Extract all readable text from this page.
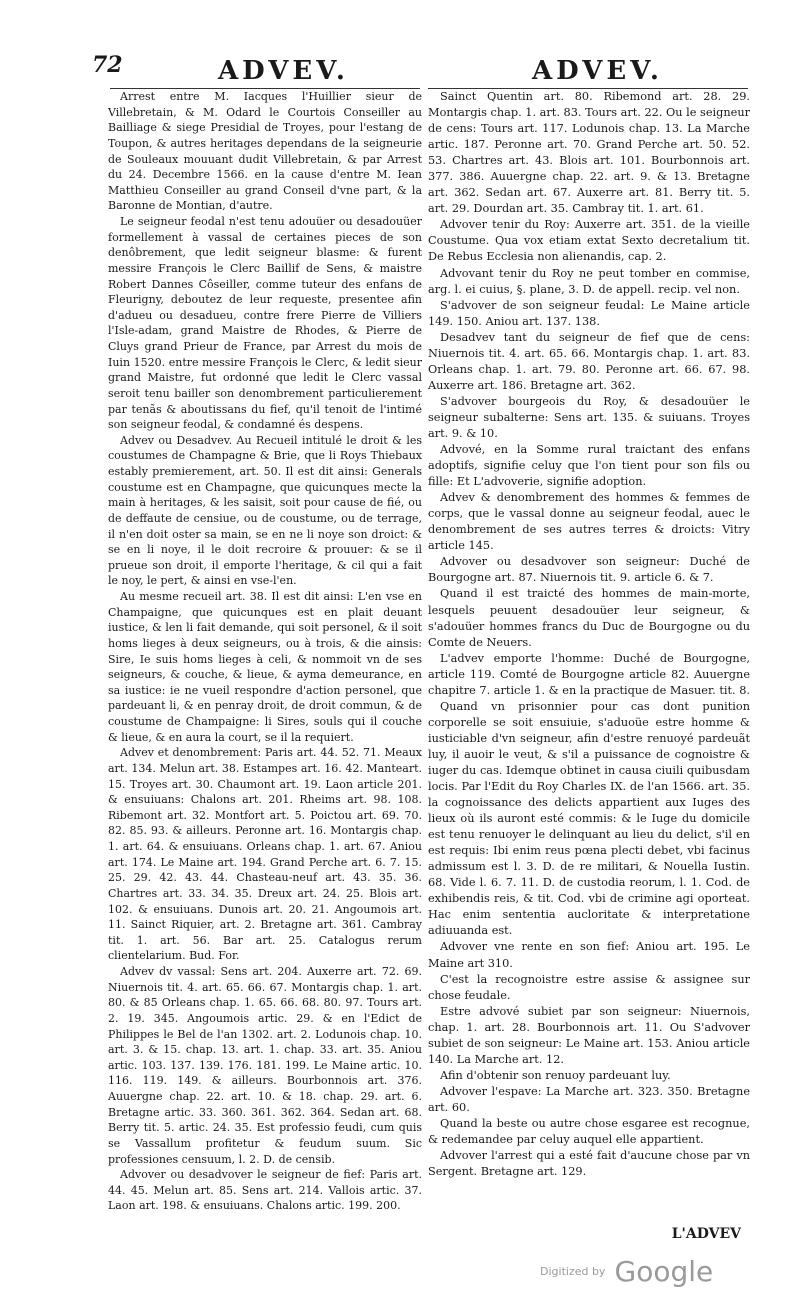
72	ADVEV.	ADVEV.

Arrest entre M. Iacques l'Huillier sieur de Villebretain, & M. Odard le Courtois Conseiller au Bailliage & siege Presidial de Troyes, pour l'estang de Toupon, & autres heritages dependans de la seigneurie de Souleaux mouuant dudit Villebretain, & par Arrest du 24. Decembre 1566. en la cause d'entre M. Iean Matthieu Conseiller au grand Conseil d'vne part, & la Baronne de Montian, d'autre.

Le seigneur feodal n'est tenu adouüer ou desadouüer formellement à vassal de certaines pieces de son denôbrement, que ledit seigneur blasme: & furent messire François le Clerc Baillif de Sens, & maistre Robert Dannes Côseiller, comme tuteur des enfans de Fleurigny, deboutez de leur requeste, presentee afin d'adueu ou desadueu, contre frere Pierre de Villiers l'Isle-adam, grand Maistre de Rhodes, & Pierre de Cluys grand Prieur de France, par Arrest du mois de Iuin 1520. entre messire François le Clerc, & ledit sieur grand Maistre, fut ordonné que ledit le Clerc vassal seroit tenu bailler son denombrement particulierement par tenãs & aboutissans du fief, qu'il tenoit de l'intimé son seigneur feodal, & condamné és despens.

Advev ou Desadvev. Au Recueil intitulé le droit & les coustumes de Champagne & Brie, que li Roys Thiebaux estably premierement, art. 50. Il est dit ainsi: Generals coustume est en Champagne, que quicunques mecte la main à heritages, & les saisit, soit pour cause de fié, ou de deffaute de censiue, ou de coustume, ou de terrage, il n'en doit oster sa main, se en ne li noye son droict: & se en li noye, il le doit recroire & prouuer: & se il prueue son droit, il emporte l'heritage, & cil qui a fait le noy, le pert, & ainsi en vse-l'en.

Au mesme recueil art. 38. Il est dit ainsi: L'en vse en Champaigne, que quicunques est en plait deuant iustice, & len li fait demande, qui soit personel, & il soit homs lieges à deux seigneurs, ou à trois, & die ainsis: Sire, Ie suis homs lieges à celi, & nommoit vn de ses seigneurs, & couche, & lieue, & ayma demeurance, en sa iustice: ie ne vueil respondre d'action personel, que pardeuant li, & en penray droit, de droit commun, & de coustume de Champaigne: li Sires, souls qui il couche & lieue, & en aura la court, se il la requiert.

Advev et denombrement: Paris art. 44. 52. 71. Meaux art. 134. Melun art. 38. Estampes art. 16. 42. Manteart. 15. Troyes art. 30. Chaumont art. 19. Laon article 201. & ensuiuans: Chalons art. 201. Rheims art. 98. 108. Ribemont art. 32. Montfort art. 5. Poictou art. 69. 70. 82. 85. 93. & ailleurs. Peronne art. 16. Montargis chap. 1. art. 64. & ensuiuans. Orleans chap. 1. art. 67. Aniou art. 174. Le Maine art. 194. Grand Perche art. 6. 7. 15. 25. 29. 42. 43. 44. Chasteau-neuf art. 43. 35. 36. Chartres art. 33. 34. 35. Dreux art. 24. 25. Blois art. 102. & ensuiuans. Dunois art. 20. 21. Angoumois art. 11. Sainct Riquier, art. 2. Bretagne art. 361. Cambray tit. 1. art. 56. Bar art. 25. Catalogus rerum clientelarium. Bud. For.

Advev dv vassal: Sens art. 204. Auxerre art. 72. 69. Niuernois tit. 4. art. 65. 66. 67. Montargis chap. 1. art. 80. & 85 Orleans chap. 1. 65. 66. 68. 80. 97. Tours art. 2. 19. 345. Angoumois artic. 29. & en l'Edict de Philippes le Bel de l'an 1302. art. 2. Lodunois chap. 10. art. 3. & 15. chap. 13. art. 1. chap. 33. art. 35. Aniou artic. 103. 137. 139. 176. 181. 199. Le Maine artic. 10. 116. 119. 149. & ailleurs. Bourbonnois art. 376. Auuergne chap. 22. art. 10. & 18. chap. 29. art. 6. Bretagne artic. 33. 360. 361. 362. 364. Sedan art. 68. Berry tit. 5. artic. 24. 35. Est professio feudi, cum quis se Vassallum profitetur & feudum suum. Sic professiones censuum, l. 2. D. de censib.

Advover ou desadvover le seigneur de fief: Paris art. 44. 45. Melun art. 85. Sens art. 214. Vallois artic. 37. Laon art. 198. & ensuiuans. Chalons artic. 199. 200.

Sainct Quentin art. 80. Ribemond art. 28. 29. Montargis chap. 1. art. 83. Tours art. 22. Ou le seigneur de cens: Tours art. 117. Lodunois chap. 13. La Marche artic. 187. Peronne art. 70. Grand Perche art. 50. 52. 53. Chartres art. 43. Blois art. 101. Bourbonnois art. 377. 386. Auuergne chap. 22. art. 9. & 13. Bretagne art. 362. Sedan art. 67. Auxerre art. 81. Berry tit. 5. art. 29. Dourdan art. 35. Cambray tit. 1. art. 61.

Advover tenir du Roy: Auxerre art. 351. de la vieille Coustume. Qua vox etiam extat Sexto decretalium tit. De Rebus Ecclesia non alienandis, cap. 2.

Advovant tenir du Roy ne peut tomber en commise, arg. l. ei cuius, §. plane, 3. D. de appell. recip. vel non.

S'advover de son seigneur feudal: Le Maine article 149. 150. Aniou art. 137. 138.

Desadvev tant du seigneur de fief que de cens: Niuernois tit. 4. art. 65. 66. Montargis chap. 1. art. 83. Orleans chap. 1. art. 79. 80. Peronne art. 66. 67. 98. Auxerre art. 186. Bretagne art. 362.

S'advover bourgeois du Roy, & desadouüer le seigneur subalterne: Sens art. 135. & suiuans. Troyes art. 9. & 10.

Advové, en la Somme rural traictant des enfans adoptifs, signifie celuy que l'on tient pour son fils ou fille: Et L'advoverie, signifie adoption.

Advev & denombrement des hommes & femmes de corps, que le vassal donne au seigneur feodal, auec le denombrement de ses autres terres & droicts: Vitry article 145.

Advover ou desadvover son seigneur: Duché de Bourgogne art. 87. Niuernois tit. 9. article 6. & 7.

Quand il est traicté des hommes de main-morte, lesquels peuuent desadouüer leur seigneur, & s'adouüer hommes francs du Duc de Bourgogne ou du Comte de Neuers.

L'advev emporte l'homme: Duché de Bourgogne, article 119. Comté de Bourgogne article 82. Auuergne chapitre 7. article 1. & en la practique de Masuer. tit. 8.

Quand vn prisonnier pour cas dont punition corporelle se soit ensuiuie, s'aduoüe estre homme & iusticiable d'vn seigneur, afin d'estre renuoyé pardeuãt luy, il auoir le veut, & s'il a puissance de cognoistre & iuger du cas. Idemque obtinet in causa ciuili quibusdam locis. Par l'Edit du Roy Charles IX. de l'an 1566. art. 35. la cognoissance des delicts appartient aux Iuges des lieux où ils auront esté commis: & le Iuge du domicile est tenu renuoyer le delinquant au lieu du delict, s'il en est requis: Ibi enim reus pœna plecti debet, vbi facinus admissum est l. 3. D. de re militari, & Nouella Iustin. 68. Vide l. 6. 7. 11. D. de custodia reorum, l. 1. Cod. de exhibendis reis, & tit. Cod. vbi de crimine agi oporteat. Hac enim sententia aucloritate & interpretatione adiuuanda est.

Advover vne rente en son fief: Aniou art. 195. Le Maine art 310.

C'est la recognoistre estre assise & assignee sur chose feudale.

Estre advové subiet par son seigneur: Niuernois, chap. 1. art. 28. Bourbonnois art. 11. Ou S'advover subiet de son seigneur: Le Maine art. 153. Aniou article 140. La Marche art. 12.

Afin d'obtenir son renuoy pardeuant luy.

Advover l'espave: La Marche art. 323. 350. Bretagne art. 60.

Quand la beste ou autre chose esgaree est recognue, & redemandee par celuy auquel elle appartient.

Advover l'arrest qui a esté fait d'aucune chose par vn Sergent. Bretagne art. 129.

L'ADVEV
Digitized by Google
